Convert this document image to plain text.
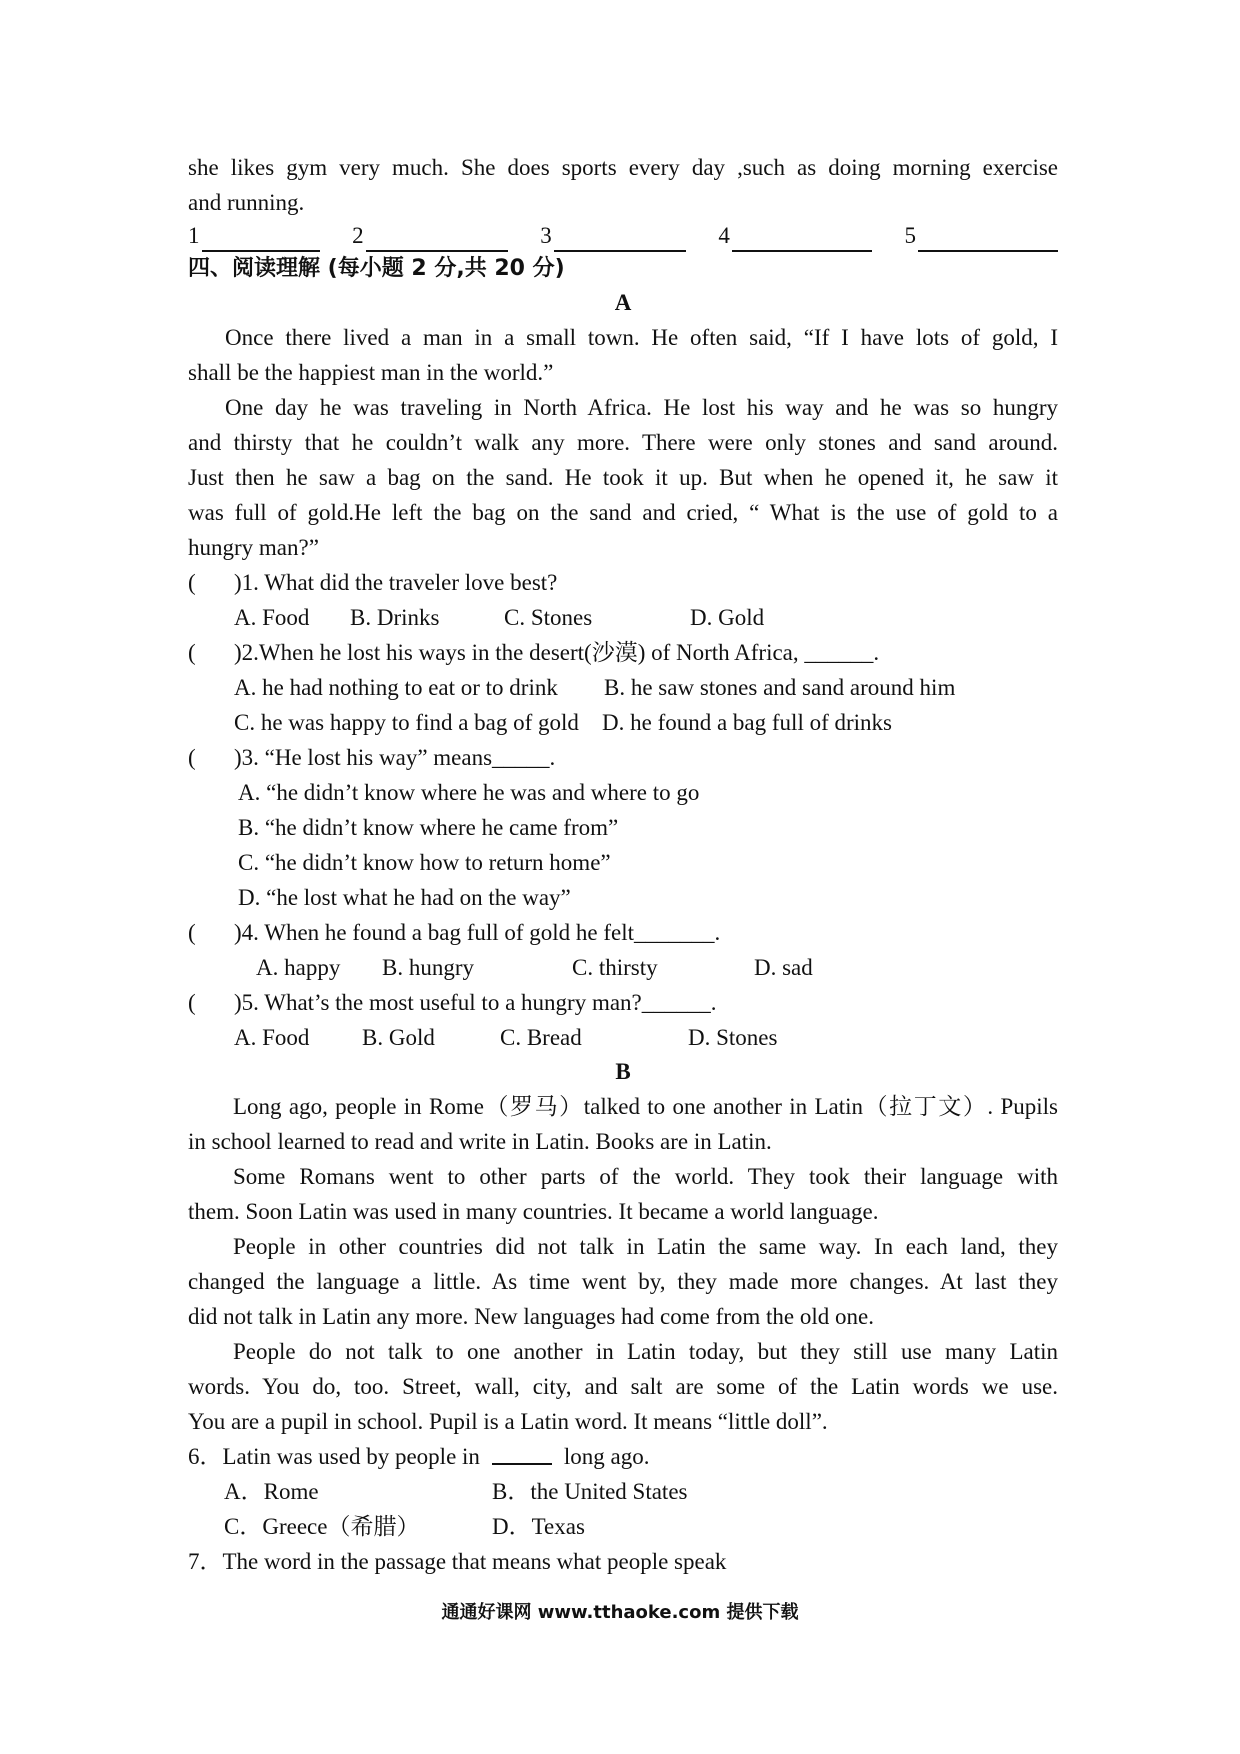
she likes gym very much. She does sports every day ,such as doing morning exercise
and running.
1	2	3	4	5
四、阅读理解 (每小题 2 分,共 20 分)
A
Once there lived a man in a small town. He often said, “If I have lots of gold, I
shall be the happiest man in the world.”
One day he was traveling in North Africa. He lost his way and he was so hungry
and thirsty that he couldn’t walk any more. There were only stones and sand around.
Just then he saw a bag on the sand. He took it up. But when he opened it, he saw it
was full of gold.He left the bag on the sand and cried, “ What is the use of gold to a
hungry man?”
(	)1. What did the traveler love best?
A. Food	B. Drinks	C. Stones	D. Gold
(	)2.When he lost his ways in the desert(沙漠) of North Africa, ______.
A. he had nothing to eat or to drink	B. he saw stones and sand around him
C. he was happy to find a bag of gold	D. he found a bag full of drinks
(	)3. “He lost his way” means_____.
A. “he didn’t know where he was and where to go
B. “he didn’t know where he came from”
C. “he didn’t know how to return home”
D. “he lost what he had on the way”
(	)4. When he found a bag full of gold he felt_______.
A. happy	B. hungry	C. thirsty	D. sad
(	)5. What’s the most useful to a hungry man?______.
A. Food	B. Gold	C. Bread	D. Stones
B
Long ago, people in Rome（罗马）talked to one another in Latin（拉丁文）. Pupils
in school learned to read and write in Latin. Books are in Latin.
Some Romans went to other parts of the world. They took their language with
them. Soon Latin was used in many countries. It became a world language.
People in other countries did not talk in Latin the same way. In each land, they
changed the language a little. As time went by, they made more changes. At last they
did not talk in Latin any more. New languages had come from the old one.
People do not talk to one another in Latin today, but they still use many Latin
words. You do, too. Street, wall, city, and salt are some of the Latin words we use.
You are a pupil in school. Pupil is a Latin word. It means “little doll”.
6． Latin was used by people in	long ago.
A．Rome	B．the United States
C．Greece（希腊）	D．Texas
7． The word in the passage that means what people speak
通通好课网 www.tthaoke.com 提供下载
